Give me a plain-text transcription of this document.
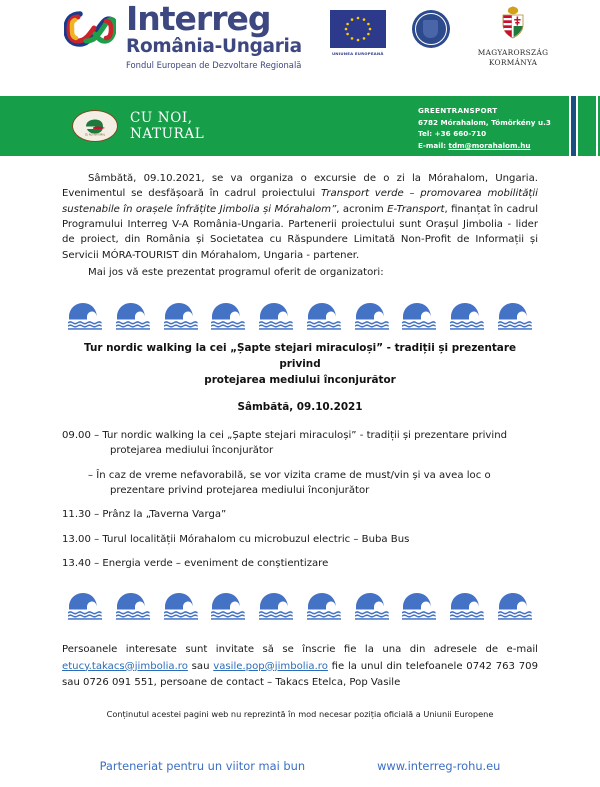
Interreg
România-Ungaria
Fondul European de Dezvoltare Regională
UNIUNEA EUROPEANĂ	MAGYARORSZÁG
KORMÁNYA
CU NOI NATURAL
CU NOI,
NATURAL
GREENTRANSPORT
6782 Mórahalom, Tömörkény u.3
Tel: +36 660-710
E-mail: tdm@morahalom.hu

Sâmbătă, 09.10.2021, se va organiza o excursie de o zi la Mórahalom, Ungaria. Evenimentul se desfășoară în cadrul proiectului Transport verde – promovarea mobilității sustenabile în orașele înfrățite Jimbolia și Mórahalom”, acronim E-Transport, finanțat în cadrul Programului Interreg V-A România-Ungaria. Partenerii proiectului sunt Orașul Jimbolia - lider de proiect, din România și Societatea cu Răspundere Limitată Non-Profit de Informații și Servicii MÓRA-TOURIST din Mórahalom, Ungaria - partener.

Mai jos vă este prezentat programul oferit de organizatori:

Tur nordic walking la cei „Șapte stejari miraculoși” - tradiții și prezentare privind
protejarea mediului înconjurător
Sâmbătă, 09.10.2021
09.00 – Tur nordic walking la cei „Șapte stejari miraculoși” - tradiții și prezentare privind
protejarea mediului înconjurător
– În caz de vreme nefavorabilă, se vor vizita crame de must/vin și va avea loc o
prezentare privind protejarea mediului înconjurător
11.30 – Prânz la „Taverna Varga”
13.00 – Turul localității Mórahalom cu microbuzul electric – Buba Bus
13.40 – Energia verde – eveniment de conștientizare

Persoanele interesate sunt invitate să se înscrie fie la una din adresele de e-mail etucy.takacs@jimbolia.ro sau vasile.pop@jimbolia.ro fie la unul din telefoanele 0742 763 709 sau 0726 091 551, persoane de contact – Takacs Etelca, Pop Vasile

Conținutul acestei pagini web nu reprezintă în mod necesar poziția oficială a Uniunii Europene
Parteneriat pentru un viitor mai bun	www.interreg-rohu.eu
